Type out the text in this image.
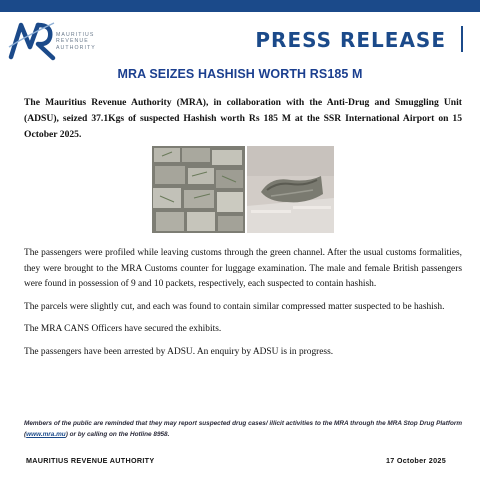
MAURITIUS
REVENUE
AUTHORITY	PRESS RELEASE
MRA SEIZES HASHISH WORTH RS185 M
The Mauritius Revenue Authority (MRA), in collaboration with the Anti-Drug and Smuggling Unit (ADSU), seized 37.1Kgs of suspected Hashish worth Rs 185 M at the SSR International Airport on 15 October 2025.

The passengers were profiled while leaving customs through the green channel. After the usual customs formalities, they were brought to the MRA Customs counter for luggage examination. The male and female British passengers were found in possession of 9 and 10 packets, respectively, each suspected to contain hashish.

The parcels were slightly cut, and each was found to contain similar compressed matter suspected to be hashish.

The MRA CANS Officers have secured the exhibits.

The passengers have been arrested by ADSU. An enquiry by ADSU is in progress.

Members of the public are reminded that they may report suspected drug cases/ illicit activities to the MRA through the MRA Stop Drug Platform (www.mra.mu) or by calling on the Hotline 8958.
MAURITIUS REVENUE AUTHORITY	17 October 2025
